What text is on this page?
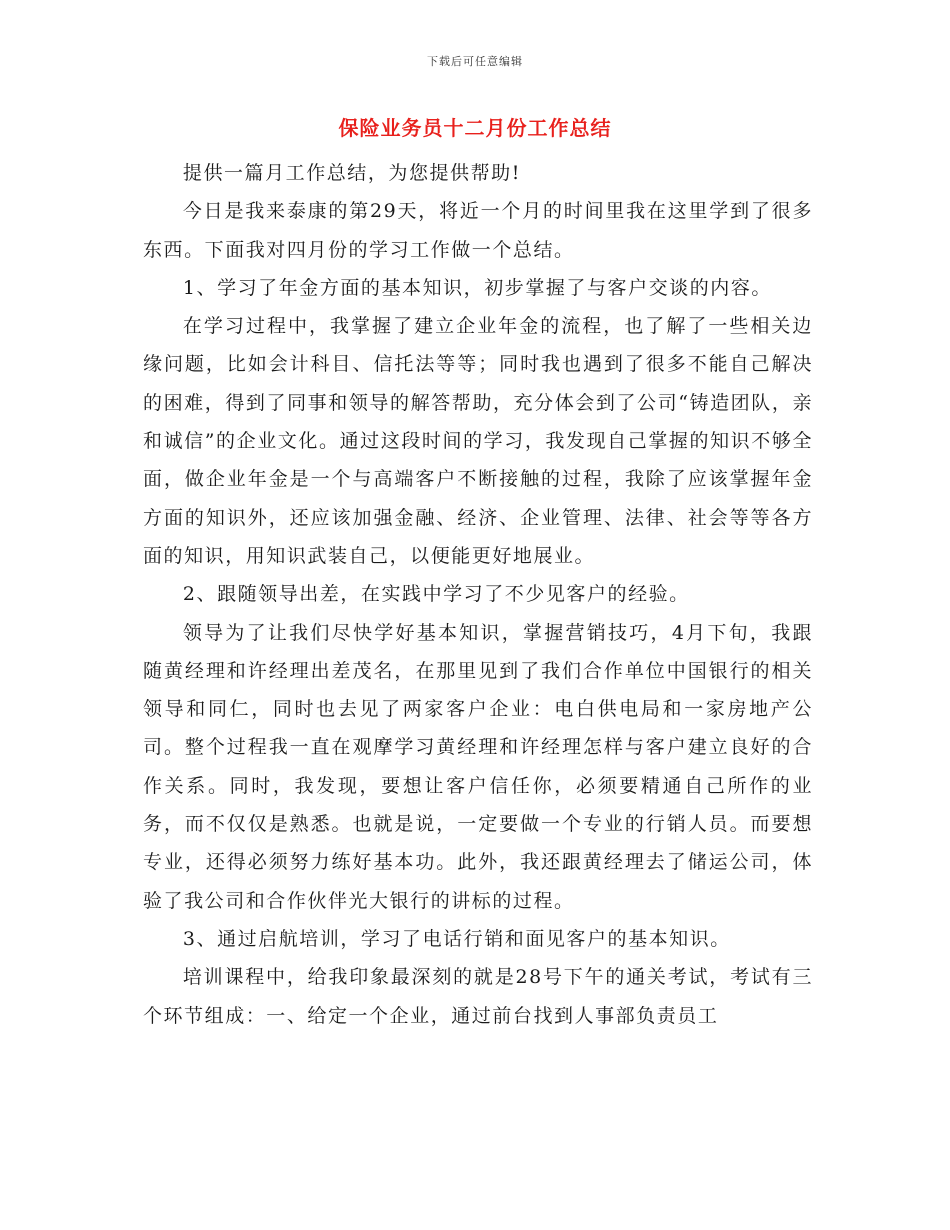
下载后可任意编辑
保险业务员十二月份工作总结

提供一篇月工作总结，为您提供帮助!

今日是我来泰康的第29天，将近一个月的时间里我在这里学到了很多东西。下面我对四月份的学习工作做一个总结。

1、学习了年金方面的基本知识，初步掌握了与客户交谈的内容。

在学习过程中，我掌握了建立企业年金的流程，也了解了一些相关边缘问题，比如会计科目、信托法等等；同时我也遇到了很多不能自己解决的困难，得到了同事和领导的解答帮助，充分体会到了公司“铸造团队，亲和诚信”的企业文化。通过这段时间的学习，我发现自己掌握的知识不够全面，做企业年金是一个与高端客户不断接触的过程，我除了应该掌握年金方面的知识外，还应该加强金融、经济、企业管理、法律、社会等等各方面的知识，用知识武装自己，以便能更好地展业。

2、跟随领导出差，在实践中学习了不少见客户的经验。

领导为了让我们尽快学好基本知识，掌握营销技巧，4月下旬，我跟随黄经理和许经理出差茂名，在那里见到了我们合作单位中国银行的相关领导和同仁，同时也去见了两家客户企业：电白供电局和一家房地产公司。整个过程我一直在观摩学习黄经理和许经理怎样与客户建立良好的合作关系。同时，我发现，要想让客户信任你，必须要精通自己所作的业务，而不仅仅是熟悉。也就是说，一定要做一个专业的行销人员。而要想专业，还得必须努力练好基本功。此外，我还跟黄经理去了储运公司，体验了我公司和合作伙伴光大银行的讲标的过程。

3、通过启航培训，学习了电话行销和面见客户的基本知识。

培训课程中，给我印象最深刻的就是28号下午的通关考试，考试有三个环节组成：一、给定一个企业，通过前台找到人事部负责员工
